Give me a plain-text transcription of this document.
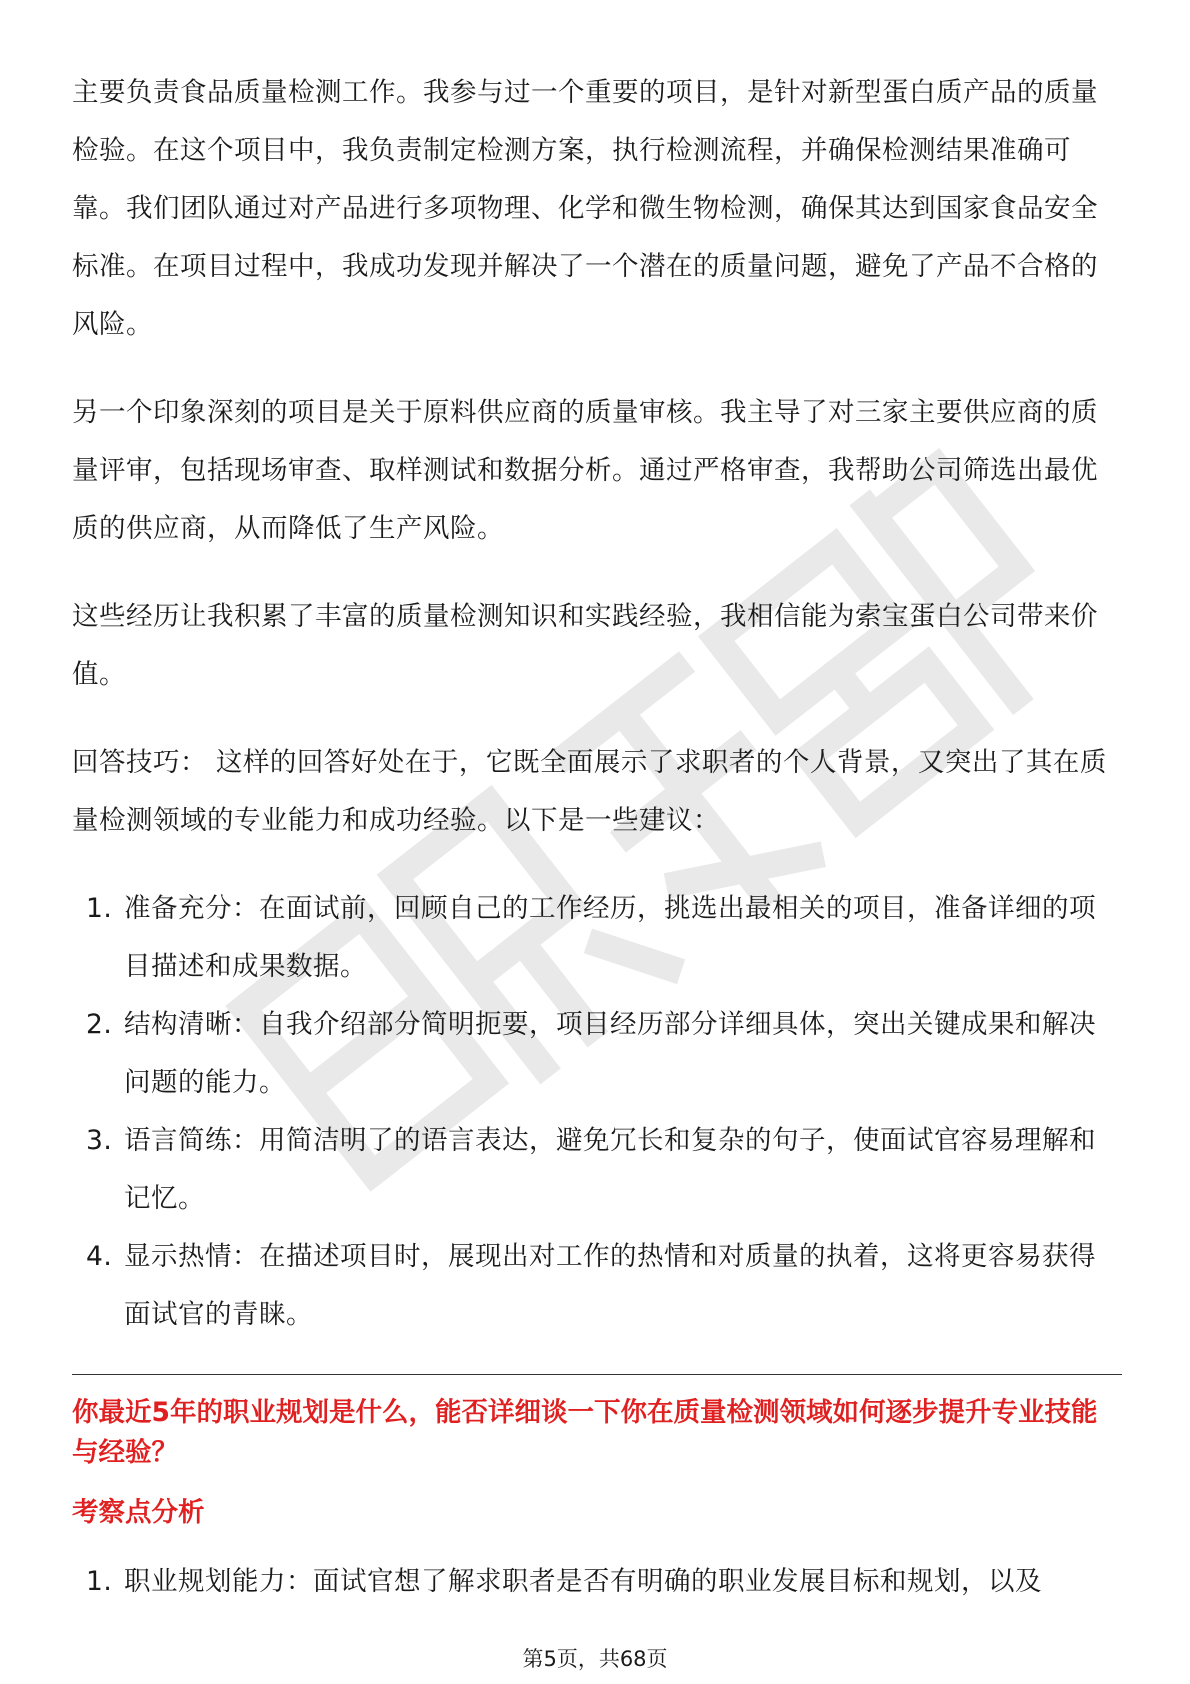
主要负责食品质量检测工作。我参与过一个重要的项目，是针对新型蛋白质产品的质量检验。在这个项目中，我负责制定检测方案，执行检测流程，并确保检测结果准确可靠。我们团队通过对产品进行多项物理、化学和微生物检测，确保其达到国家食品安全标准。在项目过程中，我成功发现并解决了一个潜在的质量问题，避免了产品不合格的风险。

另一个印象深刻的项目是关于原料供应商的质量审核。我主导了对三家主要供应商的质量评审，包括现场审查、取样测试和数据分析。通过严格审查，我帮助公司筛选出最优质的供应商，从而降低了生产风险。

这些经历让我积累了丰富的质量检测知识和实践经验，我相信能为索宝蛋白公司带来价值。

回答技巧： 这样的回答好处在于，它既全面展示了求职者的个人背景，又突出了其在质量检测领域的专业能力和成功经验。以下是一些建议：

1. 准备充分：在面试前，回顾自己的工作经历，挑选出最相关的项目，准备详细的项目描述和成果数据。
2. 结构清晰：自我介绍部分简明扼要，项目经历部分详细具体，突出关键成果和解决问题的能力。
3. 语言简练：用简洁明了的语言表达，避免冗长和复杂的句子，使面试官容易理解和记忆。
4. 显示热情：在描述项目时，展现出对工作的热情和对质量的执着，这将更容易获得面试官的青睐。
你最近5年的职业规划是什么，能否详细谈一下你在质量检测领域如何逐步提升专业技能与经验？
考察点分析
1. 职业规划能力：面试官想了解求职者是否有明确的职业发展目标和规划，以及
第5页，共68页
